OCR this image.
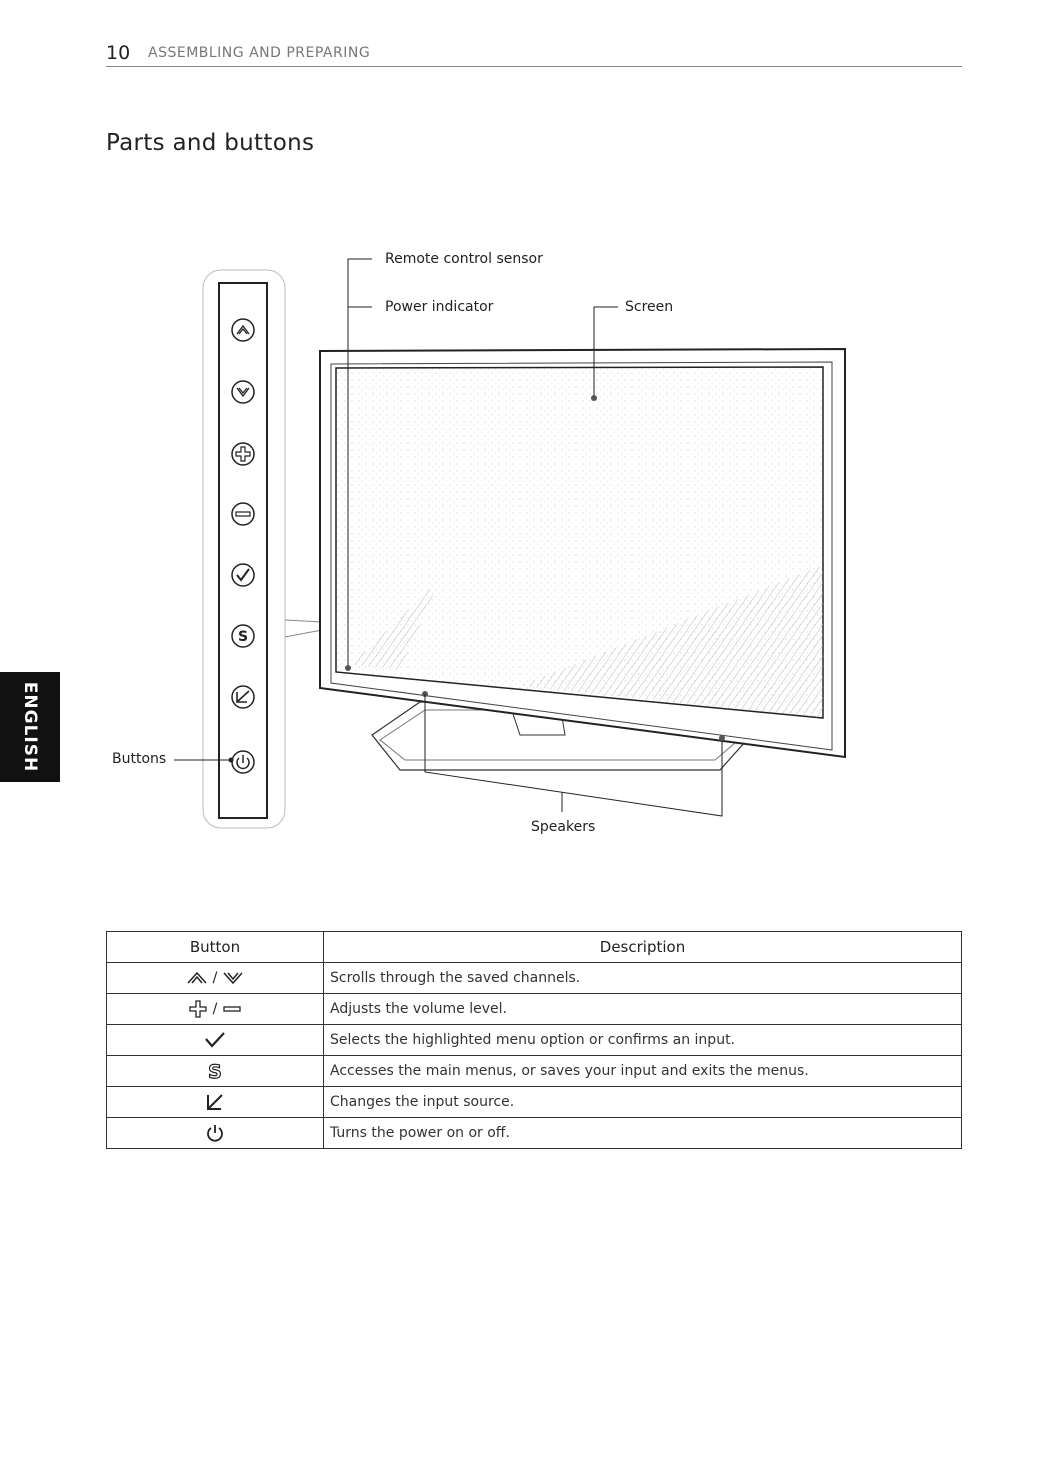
10 ASSEMBLING AND PREPARING
Parts and buttons
ENGLISH
S
Remote control sensor
Power indicator	Screen
Buttons
Speakers
Button	Description
/	Scrolls through the saved channels.
/	Adjusts the volume level.
	Selects the highlighted menu option or confirms an input.

S	Accesses the main menus, or saves your input and exits the menus.
	Changes the input source.
	Turns the power on or off.
